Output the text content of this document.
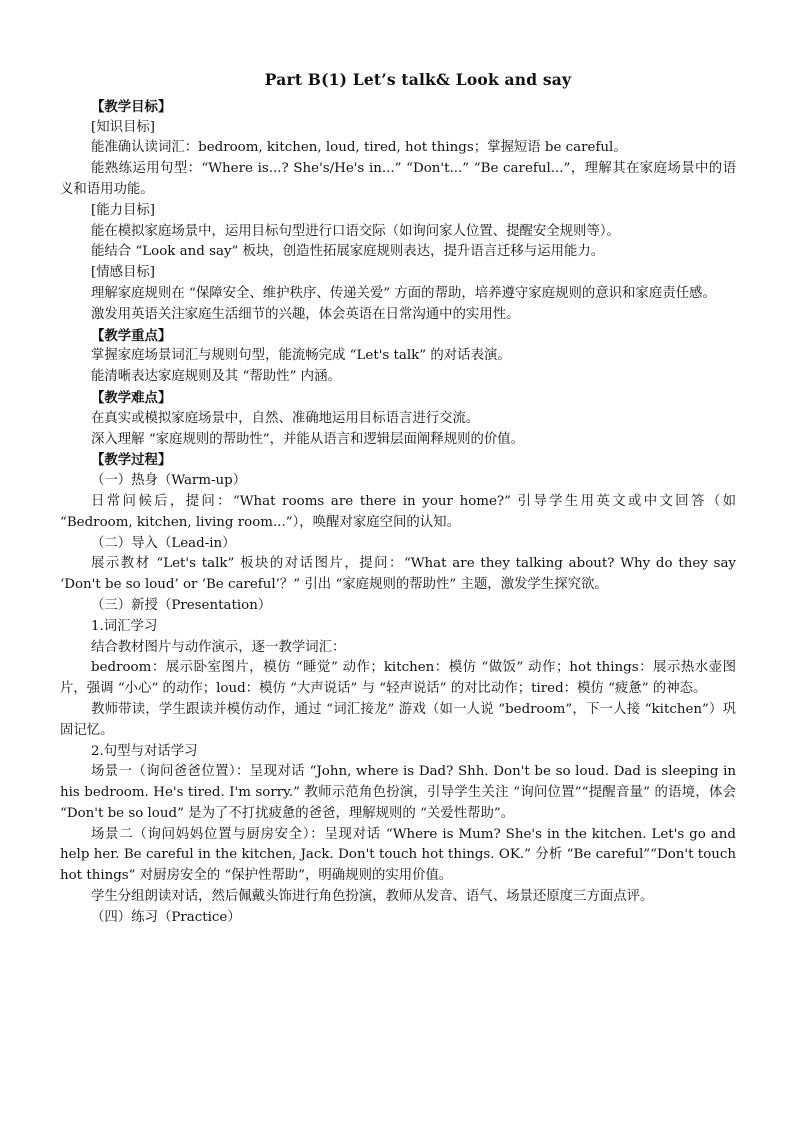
Part B(1) Let’s talk& Look and say

【教学目标】

[知识目标]

能准确认读词汇：bedroom, kitchen, loud, tired, hot things；掌握短语 be careful。

能熟练运用句型：“Where is...? She's/He's in...” “Don't...” “Be careful...”，理解其在家庭场景中的语义和语用功能。

[能力目标]

能在模拟家庭场景中，运用目标句型进行口语交际（如询问家人位置、提醒安全规则等）。

能结合 “Look and say” 板块，创造性拓展家庭规则表达，提升语言迁移与运用能力。

[情感目标]

理解家庭规则在 “保障安全、维护秩序、传递关爱” 方面的帮助，培养遵守家庭规则的意识和家庭责任感。

激发用英语关注家庭生活细节的兴趣，体会英语在日常沟通中的实用性。

【教学重点】

掌握家庭场景词汇与规则句型，能流畅完成 “Let's talk” 的对话表演。

能清晰表达家庭规则及其 “帮助性” 内涵。

【教学难点】

在真实或模拟家庭场景中，自然、准确地运用目标语言进行交流。

深入理解 “家庭规则的帮助性”，并能从语言和逻辑层面阐释规则的价值。

【教学过程】

（一）热身（Warm-up）

日常问候后，提问：“What rooms are there in your home?” 引导学生用英文或中文回答（如 “Bedroom, kitchen, living room...”），唤醒对家庭空间的认知。

（二）导入（Lead-in）

展示教材 “Let's talk” 板块的对话图片，提问：“What are they talking about? Why do they say ‘Don't be so loud’ or ‘Be careful’？” 引出 “家庭规则的帮助性” 主题，激发学生探究欲。

（三）新授（Presentation）

1.词汇学习

结合教材图片与动作演示，逐一教学词汇：

bedroom：展示卧室图片，模仿 “睡觉” 动作；kitchen：模仿 “做饭” 动作；hot things：展示热水壶图片，强调 “小心” 的动作；loud：模仿 “大声说话” 与 “轻声说话” 的对比动作；tired：模仿 “疲惫” 的神态。

教师带读，学生跟读并模仿动作，通过 “词汇接龙” 游戏（如一人说 “bedroom”，下一人接 “kitchen”）巩固记忆。

2.句型与对话学习

场景一（询问爸爸位置）：呈现对话 “John, where is Dad? Shh. Don't be so loud. Dad is sleeping in his bedroom. He's tired. I'm sorry.” 教师示范角色扮演，引导学生关注 “询问位置”“提醒音量” 的语境，体会 “Don't be so loud” 是为了不打扰疲惫的爸爸，理解规则的 “关爱性帮助”。

场景二（询问妈妈位置与厨房安全）：呈现对话 “Where is Mum? She's in the kitchen. Let's go and help her. Be careful in the kitchen, Jack. Don't touch hot things. OK.” 分析 “Be careful”“Don't touch hot things” 对厨房安全的 “保护性帮助”，明确规则的实用价值。

学生分组朗读对话，然后佩戴头饰进行角色扮演，教师从发音、语气、场景还原度三方面点评。

（四）练习（Practice）
